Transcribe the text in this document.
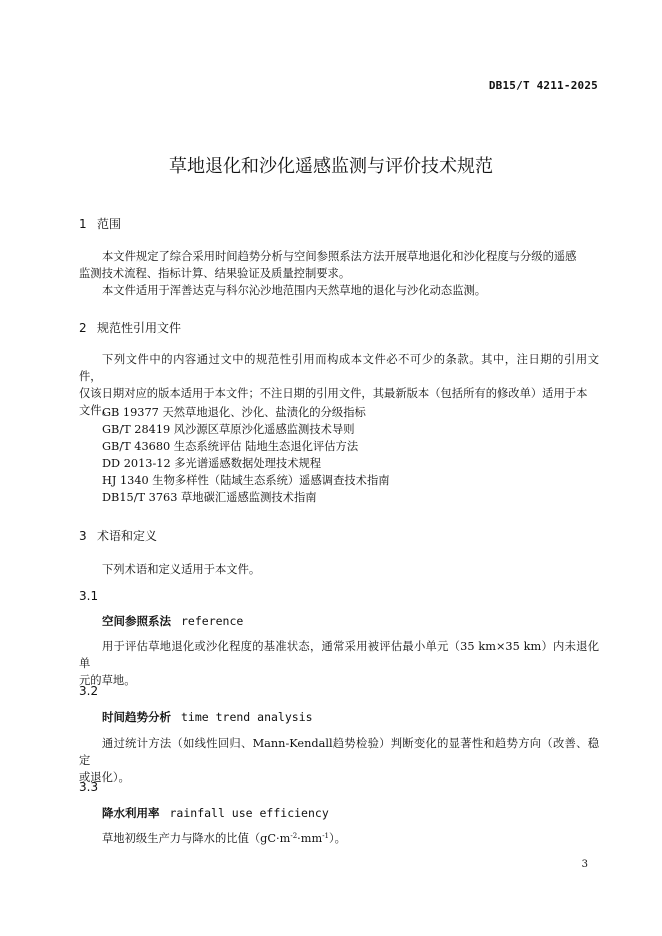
DB15/T 4211-2025
草地退化和沙化遥感监测与评价技术规范
1 范围
本文件规定了综合采用时间趋势分析与空间参照系法方法开展草地退化和沙化程度与分级的遥感
监测技术流程、指标计算、结果验证及质量控制要求。
本文件适用于浑善达克与科尔沁沙地范围内天然草地的退化与沙化动态监测。
2 规范性引用文件
下列文件中的内容通过文中的规范性引用而构成本文件必不可少的条款。其中，注日期的引用文件，
仅该日期对应的版本适用于本文件；不注日期的引用文件，其最新版本（包括所有的修改单）适用于本
文件。
GB 19377 天然草地退化、沙化、盐渍化的分级指标
GB/T 28419 风沙源区草原沙化遥感监测技术导则
GB/T 43680 生态系统评估 陆地生态退化评估方法
DD 2013-12 多光谱遥感数据处理技术规程
HJ 1340 生物多样性（陆域生态系统）遥感调查技术指南
DB15/T 3763 草地碳汇遥感监测技术指南
3 术语和定义
下列术语和定义适用于本文件。
3.1
空间参照系法 reference
用于评估草地退化或沙化程度的基准状态，通常采用被评估最小单元（35 km×35 km）内未退化单
元的草地。
3.2
时间趋势分析 time trend analysis
通过统计方法（如线性回归、Mann-Kendall趋势检验）判断变化的显著性和趋势方向（改善、稳定
或退化）。
3.3
降水利用率 rainfall use efficiency
草地初级生产力与降水的比值$(gC\cdot m^{-2}\cdot mm^{-1})$。
3
